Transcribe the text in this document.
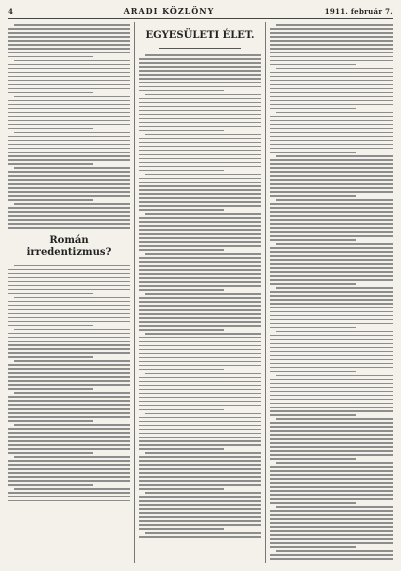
4	ARADI KÖZLÖNY	1911. február 7.
Román irredentizmus?
EGYESÜLETI ÉLET.
